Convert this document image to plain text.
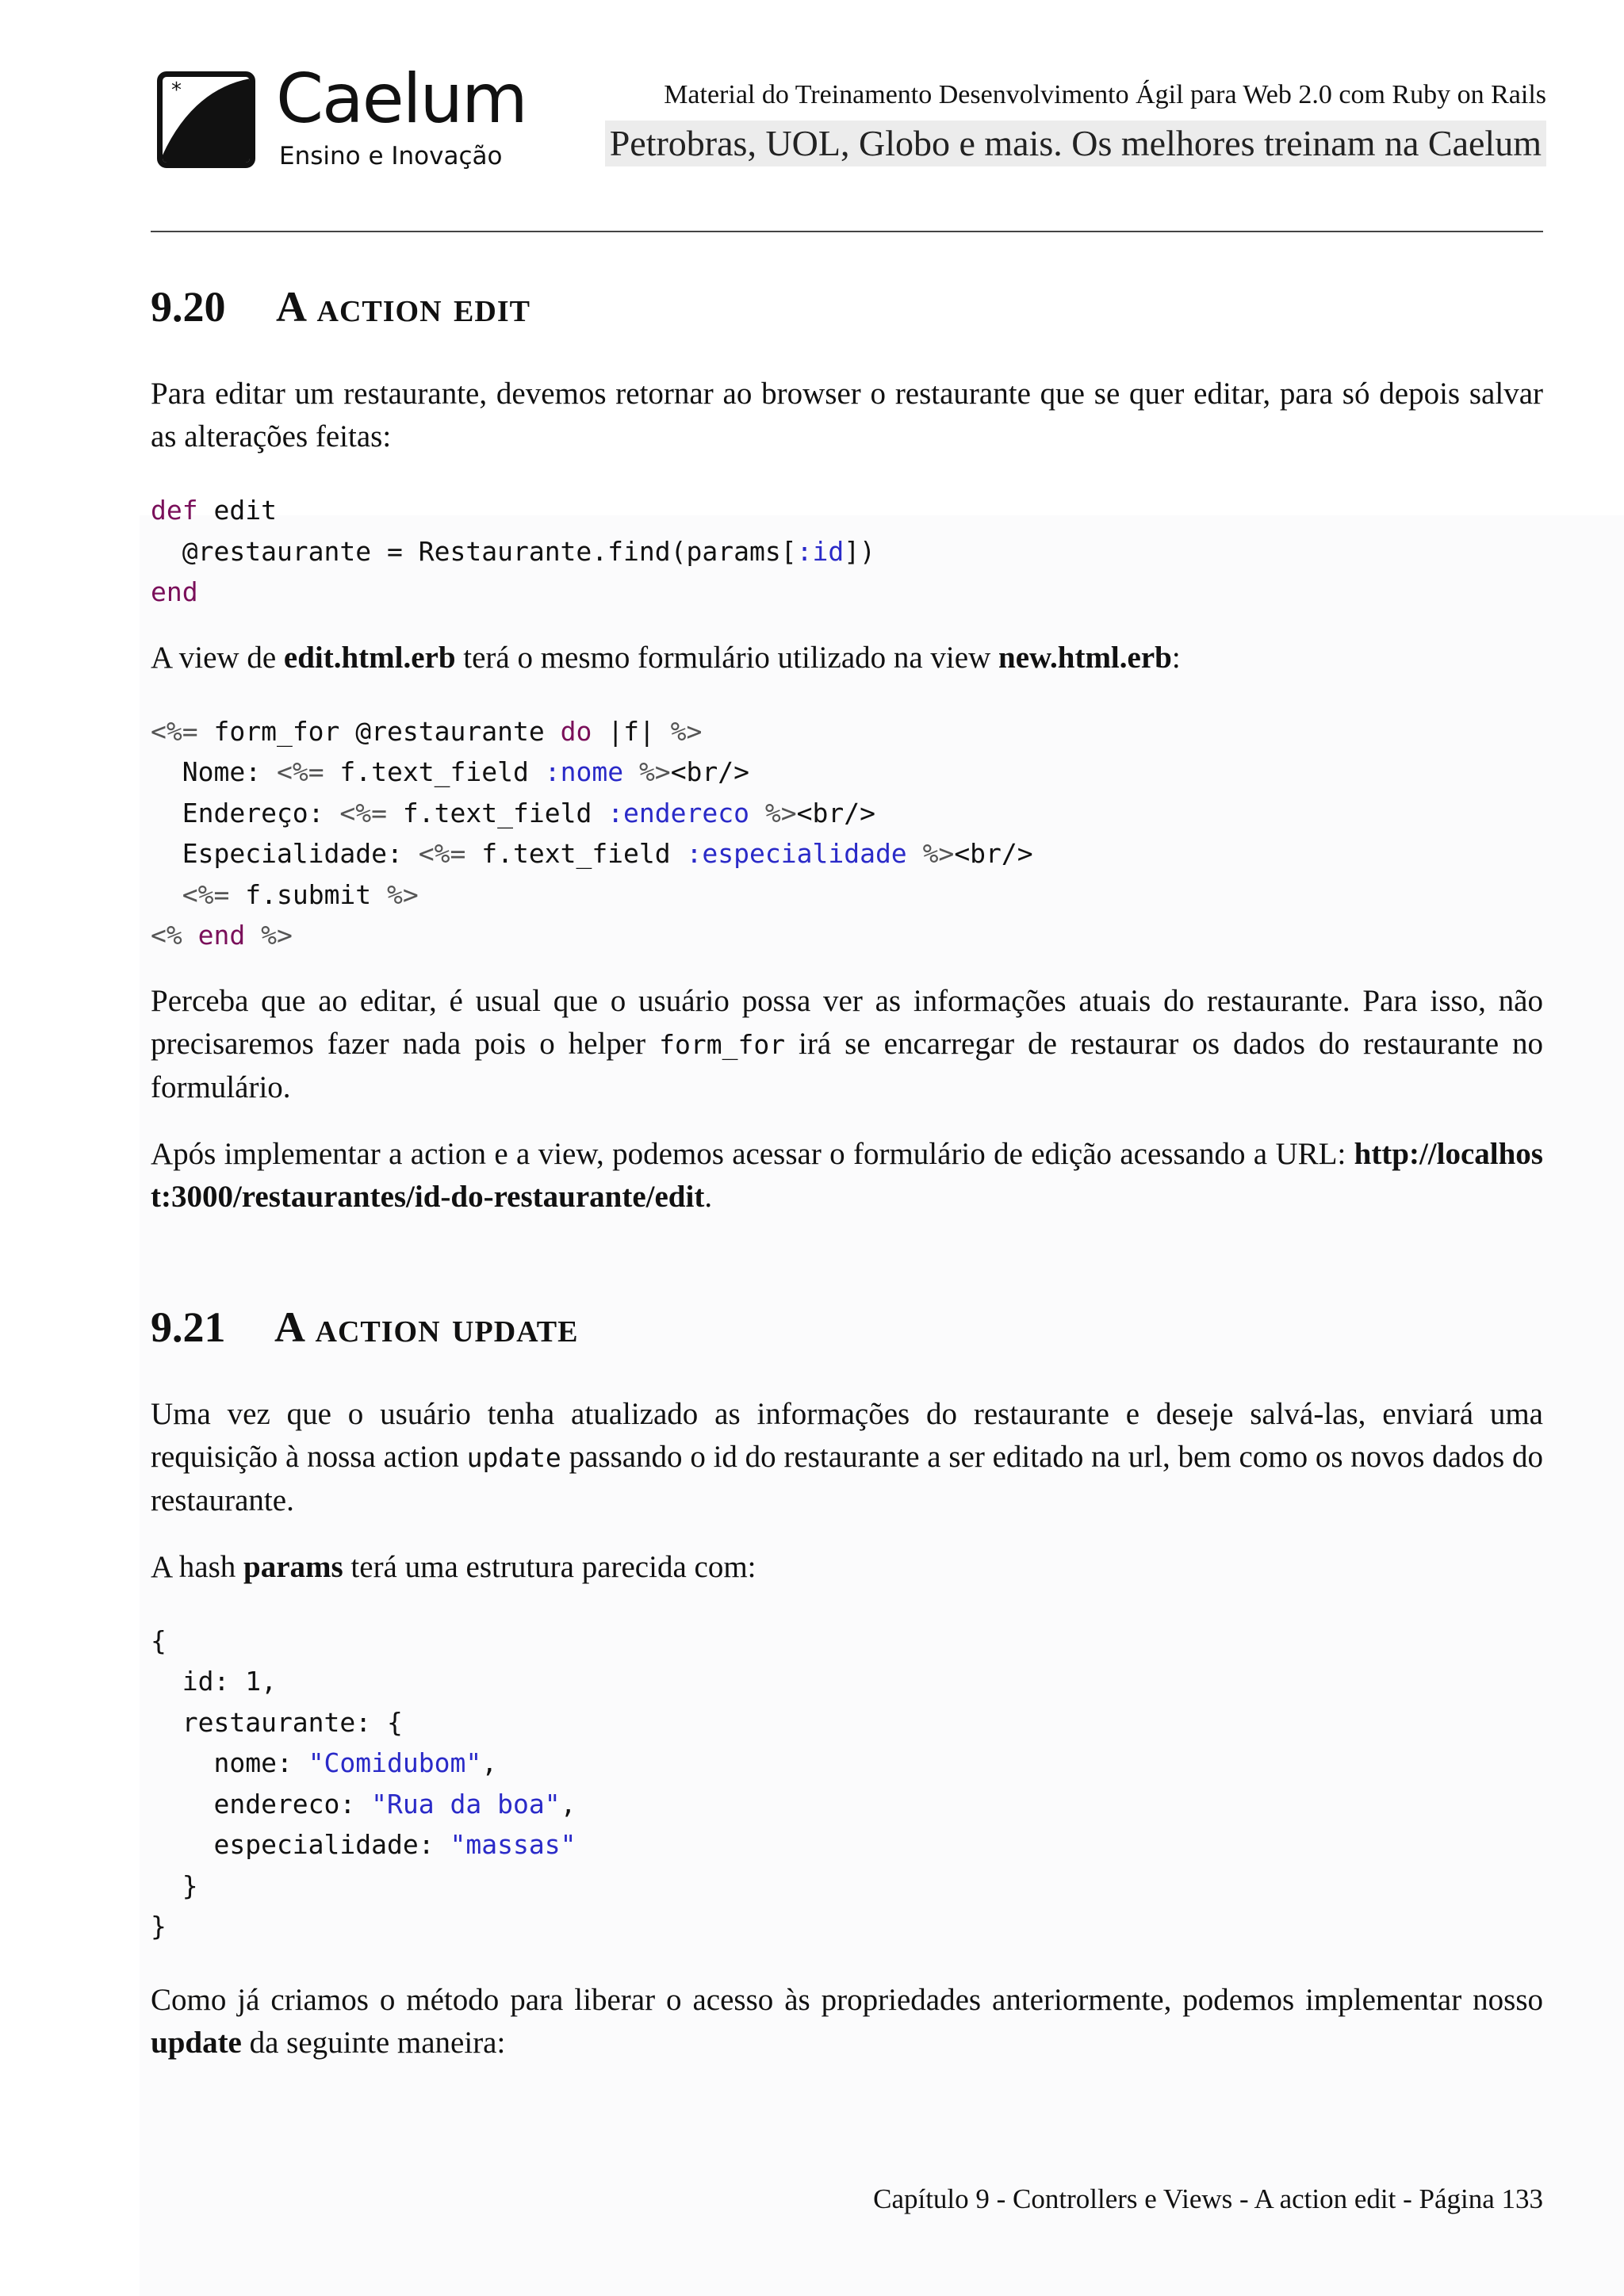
* Caelum
Ensino e Inovação
Material do Treinamento Desenvolvimento Ágil para Web 2.0 com Ruby on Rails
Petrobras, UOL, Globo e mais. Os melhores treinam na Caelum
9.20 A action edit

Para editar um restaurante, devemos retornar ao browser o restaurante que se quer editar, para só depois salvar as alterações feitas:

def edit
@restaurante = Restaurante.find(params[:id])
end

A view de edit.html.erb terá o mesmo formulário utilizado na view new.html.erb:

<%= form_for @restaurante do |f| %>
Nome: <%= f.text_field :nome %><br/>
Endereço: <%= f.text_field :endereco %><br/>
Especialidade: <%= f.text_field :especialidade %><br/>
<%= f.submit %>
<% end %>

Perceba que ao editar, é usual que o usuário possa ver as informações atuais do restaurante. Para isso, não precisaremos fazer nada pois o helper form_for irá se encarregar de restaurar os dados do restaurante no formulário.

Após implementar a action e a view, podemos acessar o formulário de edição acessando a URL: http://localhost:3000/restaurantes/id-do-restaurante/edit.

9.21 A action update

Uma vez que o usuário tenha atualizado as informações do restaurante e deseje salvá-las, enviará uma requisição à nossa action update passando o id do restaurante a ser editado na url, bem como os novos dados do restaurante.

A hash params terá uma estrutura parecida com:

{
id: 1,
restaurante: {
nome: "Comidubom",
endereco: "Rua da boa",
especialidade: "massas"
}
}

Como já criamos o método para liberar o acesso às propriedades anteriormente, podemos implementar nosso update da seguinte maneira:

Capítulo 9 - Controllers e Views - A action edit - Página 133
